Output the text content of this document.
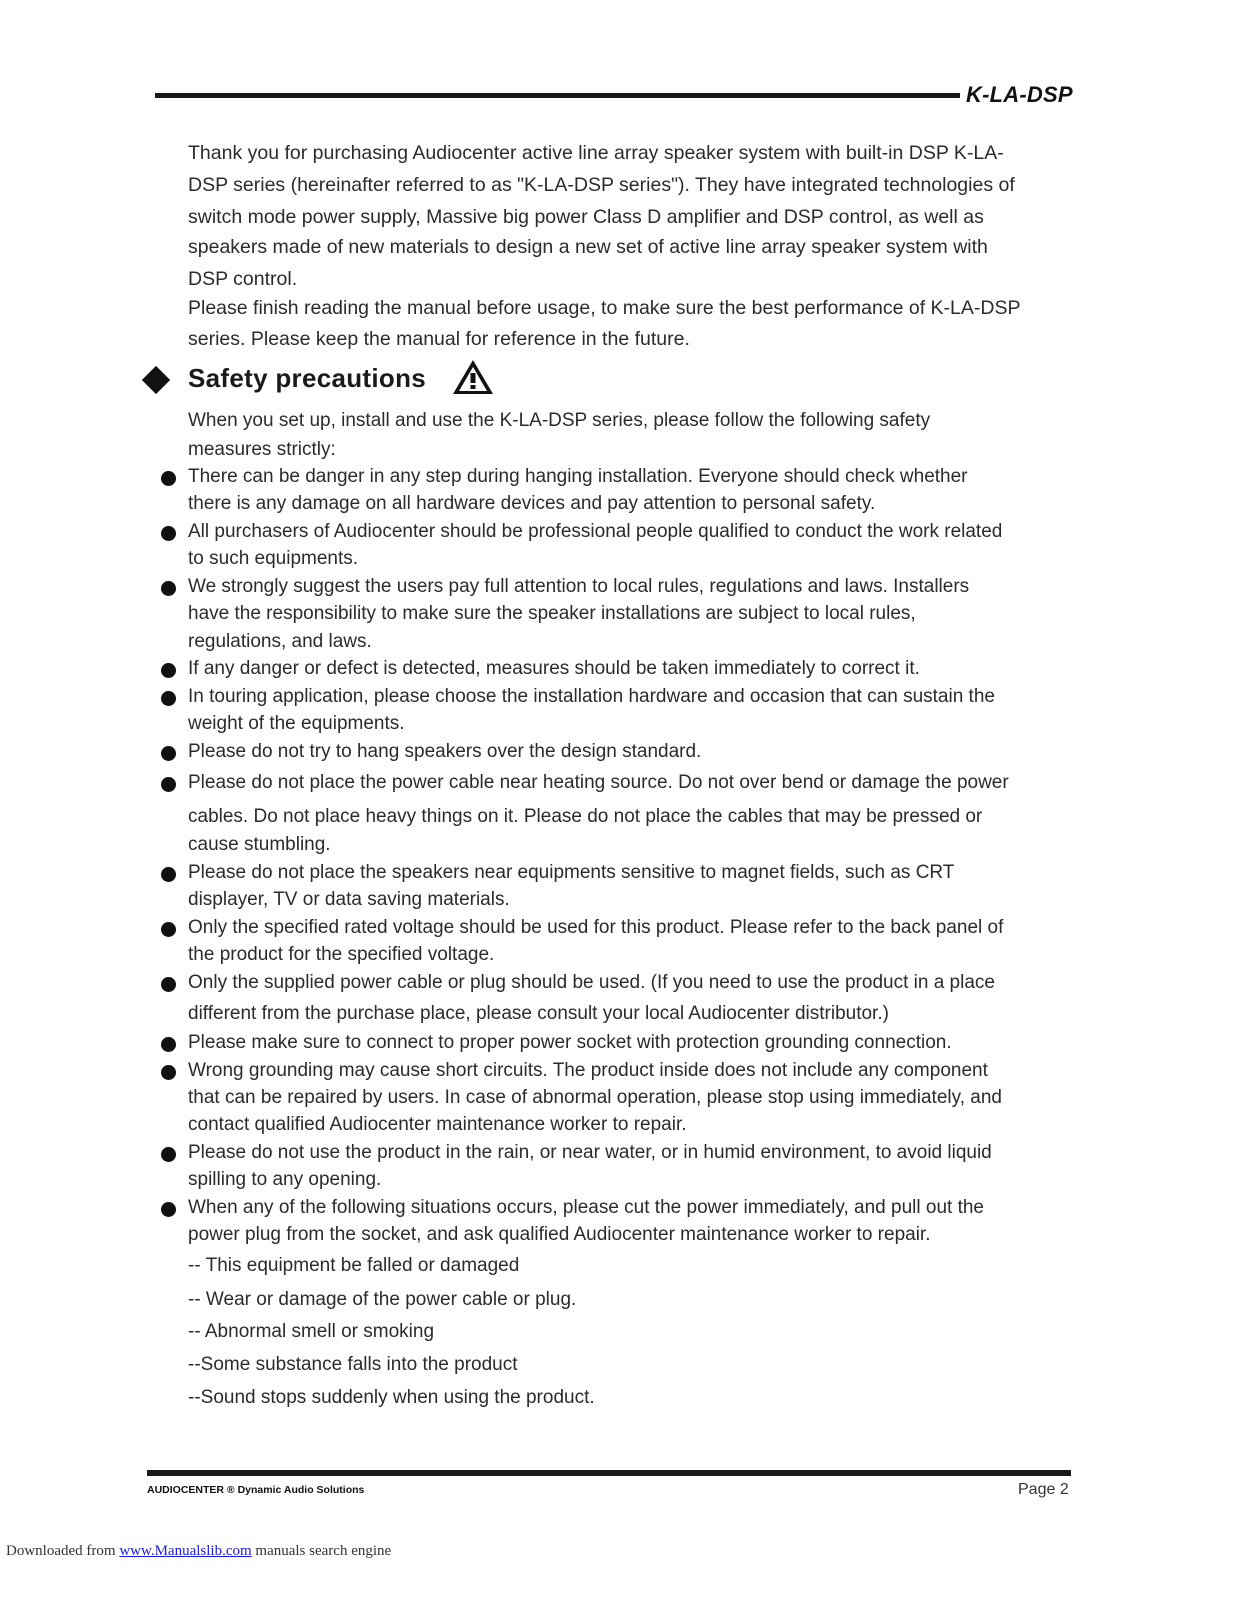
K-LA-DSP
Thank you for purchasing Audiocenter active line array speaker system with built-in DSP K-LA-
DSP series (hereinafter referred to as "K-LA-DSP series"). They have integrated technologies of
switch mode power supply, Massive big power Class D amplifier and DSP control, as well as
speakers made of new materials to design a new set of active line array speaker system with
DSP control.
Please finish reading the manual before usage, to make sure the best performance of K-LA-DSP
series. Please keep the manual for reference in the future.
Safety precautions
When you set up, install and use the K-LA-DSP series, please follow the following safety
measures strictly:
There can be danger in any step during hanging installation. Everyone should check whether
there is any damage on all hardware devices and pay attention to personal safety.
All purchasers of Audiocenter should be professional people qualified to conduct the work related
to such equipments.
We strongly suggest the users pay full attention to local rules, regulations and laws. Installers
have the responsibility to make sure the speaker installations are subject to local rules,
regulations, and laws.
If any danger or defect is detected, measures should be taken immediately to correct it.
In touring application, please choose the installation hardware and occasion that can sustain the
weight of the equipments.
Please do not try to hang speakers over the design standard.
Please do not place the power cable near heating source. Do not over bend or damage the power
cables. Do not place heavy things on it. Please do not place the cables that may be pressed or
cause stumbling.
Please do not place the speakers near equipments sensitive to magnet fields, such as CRT
displayer, TV or data saving materials.
Only the specified rated voltage should be used for this product. Please refer to the back panel of
the product for the specified voltage.
Only the supplied power cable or plug should be used. (If you need to use the product in a place
different from the purchase place, please consult your local Audiocenter distributor.)
Please make sure to connect to proper power socket with protection grounding connection.
Wrong grounding may cause short circuits. The product inside does not include any component
that can be repaired by users. In case of abnormal operation, please stop using immediately, and
contact qualified Audiocenter maintenance worker to repair.
Please do not use the product in the rain, or near water, or in humid environment, to avoid liquid
spilling to any opening.
When any of the following situations occurs, please cut the power immediately, and pull out the
power plug from the socket, and ask qualified Audiocenter maintenance worker to repair.
-- This equipment be falled or damaged
-- Wear or damage of the power cable or plug.
-- Abnormal smell or smoking
--Some substance falls into the product
--Sound stops suddenly when using the product.
AUDIOCENTER ® Dynamic Audio Solutions	Page 2
Downloaded from www.Manualslib.com manuals search engine
